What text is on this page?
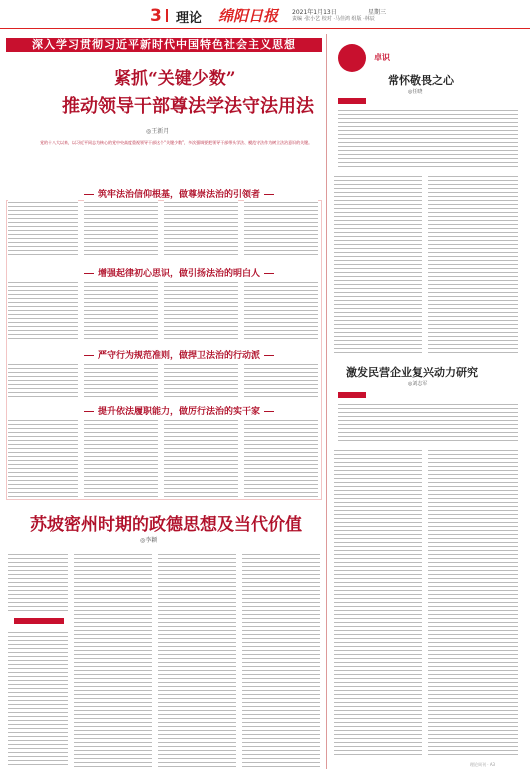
3 理论 绵阳日报 2021年1月13日	星期三
责编 ·张小艺 校对 ·马佳鸿 组版 ·林辰
深入学习贯彻习近平新时代中国特色社会主义思想
紧抓“关键少数”
推动领导干部尊法学法守法用法
◎王新月
党的十八大以来，以习近平同志为核心的党中央高度重视领导干部这个“关键少数”，多次强调要把领导干部带头学法、模范守法作为树立法治意识的关键。
筑牢法治信仰根基，做尊崇法治的引领者
增强起律初心思识，做引扬法治的明白人
严守行为规范准则，做捍卫法治的行动派
提升依法履职能力，做厉行法治的实干家
苏坡密州时期的政德思想及当代价值
◎李颖
卓识
常怀敬畏之心
◎任晓
激发民营企业复兴动力研究
◎刘志军
理论周刊 · A3
